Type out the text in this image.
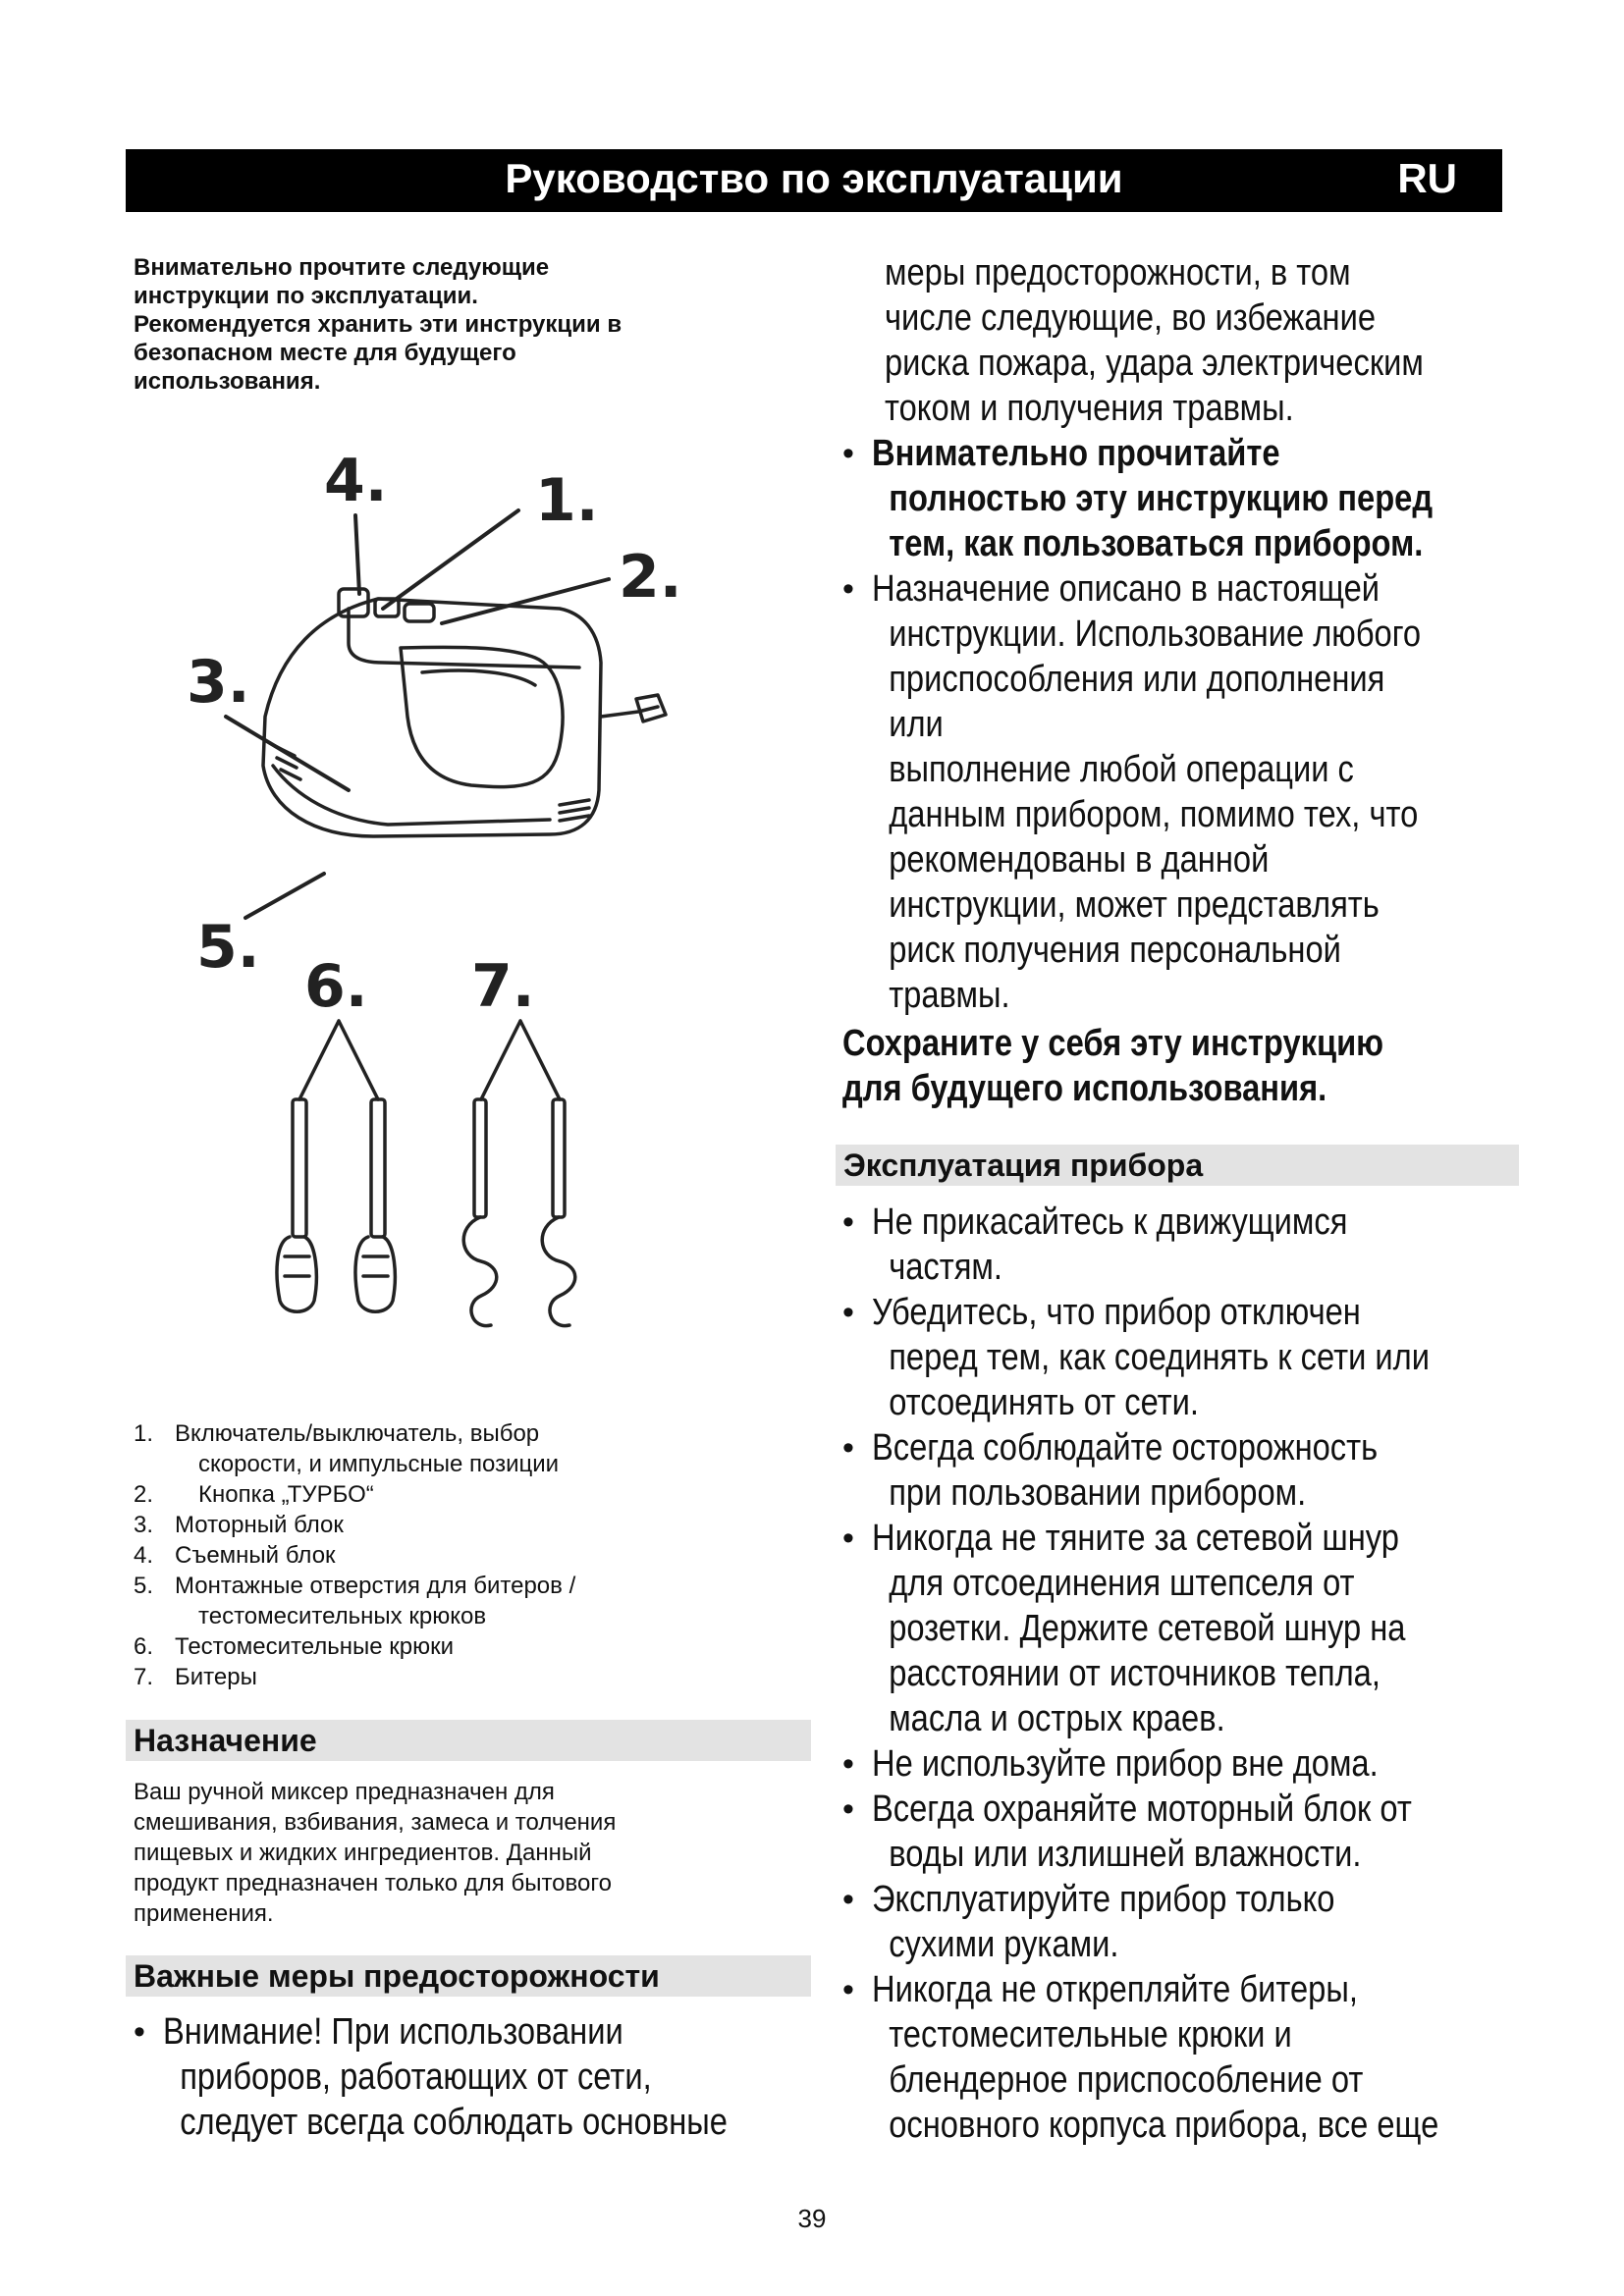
Руководство по эксплуатации	RU

Внимательно прочтите следующие
инструкции по эксплуатации.
Рекомендуется хранить эти инструкции в
безопасном месте для будущего
использования.

4.	1.
2.
3.
5.
6. 7.
1. Включатель/выключатель, выбор
скорости, и импульсные позиции
2. Кнопка „ТУРБО“
3. Моторный блок
4. Съемный блок
5. Монтажные отверстия для битеров /
тестомесительных крюков
6. Тестомесительные крюки
7. Битеры
Назначение

Ваш ручной миксер предназначен для
смешивания, взбивания, замеса и толчения
пищевых и жидких ингредиентов. Данный
продукт предназначен только для бытового
применения.

Важные меры предосторожности
• Внимание! При использовании
приборов, работающих от сети,
следует всегда соблюдать основные
меры предосторожности, в том
числе следующие, во избежание
риска пожара, удара электрическим
током и получения травмы.
• Внимательно прочитайте
полностью эту инструкцию перед
тем, как пользоваться прибором.
• Назначение описано в настоящей
инструкции. Использование любого
приспособления или дополнения или
выполнение любой операции с
данным прибором, помимо тех, что
рекомендованы в данной
инструкции, может представлять
риск получения персональной
травмы.
Сохраните у себя эту инструкцию
для будущего использования.
Эксплуатация прибора
• Не прикасайтесь к движущимся
частям.
• Убедитесь, что прибор отключен
перед тем, как соединять к сети или
отсоединять от сети.
• Всегда соблюдайте осторожность
при пользовании прибором.
• Никогда не тяните за сетевой шнур
для отсоединения штепселя от
розетки. Держите сетевой шнур на
расстоянии от источников тепла,
масла и острых краев.
• Не используйте прибор вне дома.
• Всегда охраняйте моторный блок от
воды или излишней влажности.
• Эксплуатируйте прибор только
сухими руками.
• Никогда не открепляйте битеры,
тестомесительные крюки и
блендерное приспособление от
основного корпуса прибора, все еще
39
